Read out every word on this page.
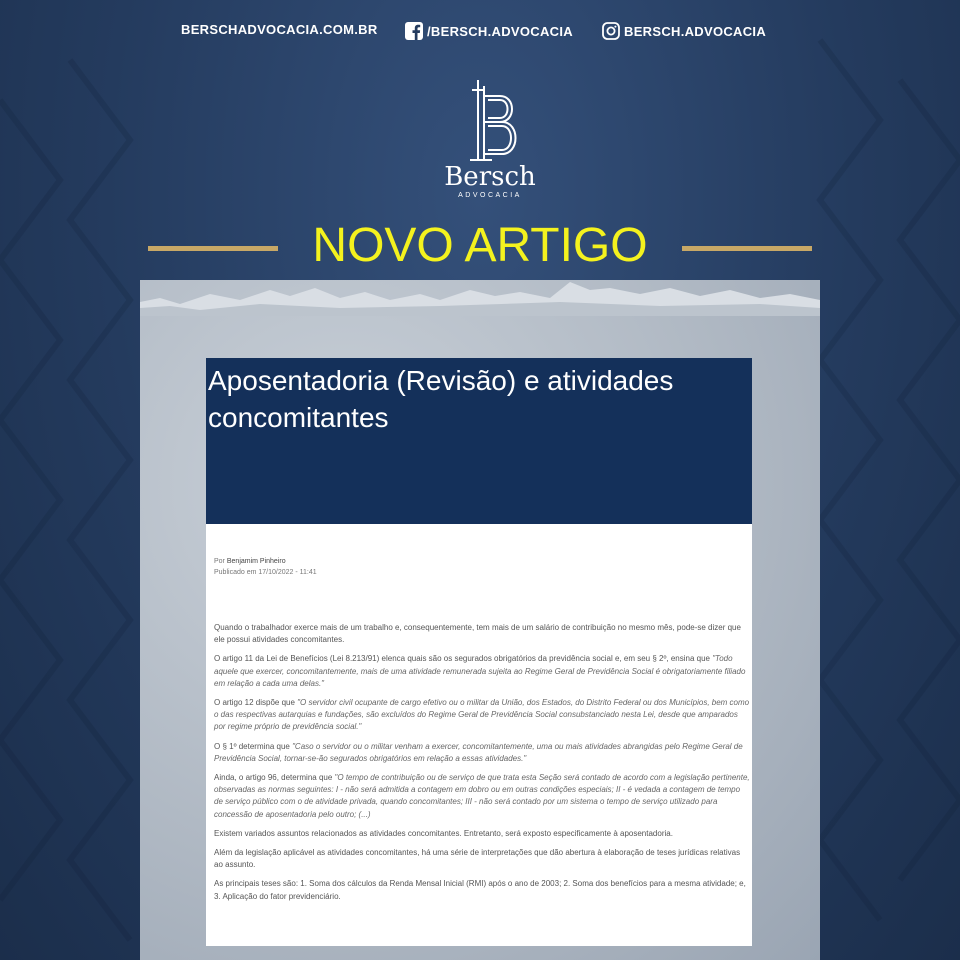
BERSCHADVOCACIA.COM.BR	/BERSCH.ADVOCACIA	BERSCH.ADVOCACIA
Bersch
ADVOCACIA
NOVO ARTIGO
Aposentadoria (Revisão) e atividades concomitantes
Por Benjamim Pinheiro
Publicado em 17/10/2022 - 11:41

Quando o trabalhador exerce mais de um trabalho e, consequentemente, tem mais de um salário de contribuição no mesmo mês, pode-se dizer que ele possui atividades concomitantes.

O artigo 11 da Lei de Benefícios (Lei 8.213/91) elenca quais são os segurados obrigatórios da previdência social e, em seu § 2º, ensina que "Todo aquele que exercer, concomitantemente, mais de uma atividade remunerada sujeita ao Regime Geral de Previdência Social é obrigatoriamente filiado em relação a cada uma delas."

O artigo 12 dispõe que "O servidor civil ocupante de cargo efetivo ou o militar da União, dos Estados, do Distrito Federal ou dos Municípios, bem como o das respectivas autarquias e fundações, são excluídos do Regime Geral de Previdência Social consubstanciado nesta Lei, desde que amparados por regime próprio de previdência social."

O § 1º determina que "Caso o servidor ou o militar venham a exercer, concomitantemente, uma ou mais atividades abrangidas pelo Regime Geral de Previdência Social, tornar-se-ão segurados obrigatórios em relação a essas atividades."

Ainda, o artigo 96, determina que "O tempo de contribuição ou de serviço de que trata esta Seção será contado de acordo com a legislação pertinente, observadas as normas seguintes: I - não será admitida a contagem em dobro ou em outras condições especiais; II - é vedada a contagem de tempo de serviço público com o de atividade privada, quando concomitantes; III - não será contado por um sistema o tempo de serviço utilizado para concessão de aposentadoria pelo outro; (...)

Existem variados assuntos relacionados as atividades concomitantes. Entretanto, será exposto especificamente à aposentadoria.

Além da legislação aplicável as atividades concomitantes, há uma série de interpretações que dão abertura à elaboração de teses jurídicas relativas ao assunto.

As principais teses são: 1. Soma dos cálculos da Renda Mensal Inicial (RMI) após o ano de 2003; 2. Soma dos benefícios para a mesma atividade; e, 3. Aplicação do fator previdenciário.
